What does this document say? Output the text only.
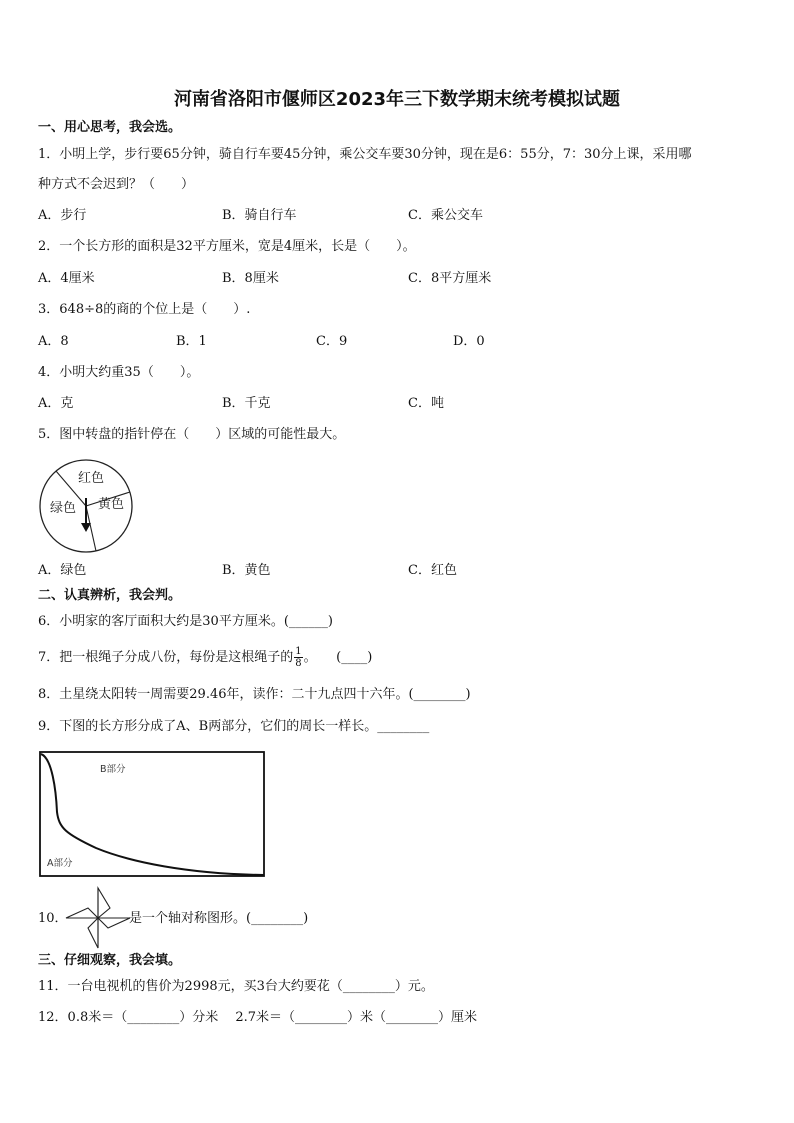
河南省洛阳市偃师区2023年三下数学期末统考模拟试题
一、用心思考，我会选。
1．小明上学，步行要65分钟，骑自行车要45分钟，乘公交车要30分钟，现在是6：55分，7：30分上课，采用哪
种方式不会迟到？（　　）
A．步行	B．骑自行车	C．乘公交车
2．一个长方形的面积是32平方厘米，宽是4厘米，长是（　　）。
A．4厘米	B．8厘米	C．8平方厘米
3．648÷8的商的个位上是（　　）.
A．8	B．1	C．9	D．0
4．小明大约重35（　　）。
A．克	B．千克	C．吨
5．图中转盘的指针停在（　　）区域的可能性最大。
红色
黄色
绿色
A．绿色	B．黄色	C．红色
二、认真辨析，我会判。
6．小明家的客厅面积大约是30平方厘米。(______)
7．把一根绳子分成八份，每份是这根绳子的 $\frac{1}{8}$ 。　　(____)
8．土星绕太阳转一周需要29.46年，读作：二十九点四十六年。(________)
9．下图的长方形分成了A、B两部分，它们的周长一样长。________
B部分
A部分
10．	是一个轴对称图形。(________)
三、仔细观察，我会填。
11．一台电视机的售价为2998元，买3台大约要花（________）元。
12．0.8米＝（________）分米　 2.7米＝（________）米（________）厘米
